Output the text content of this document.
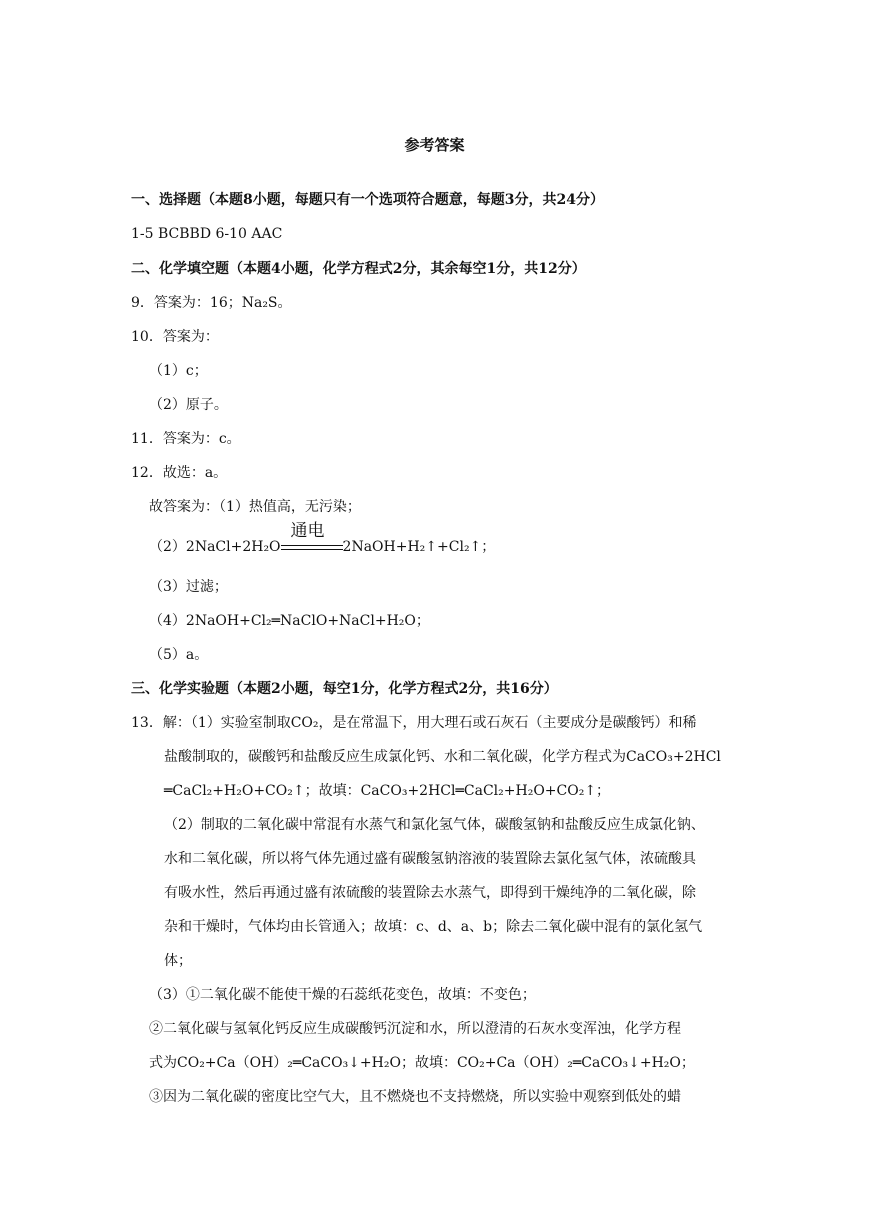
参考答案
一、选择题（本题8小题，每题只有一个选项符合题意，每题3分，共24分）
1-5 BCBBD 6-10 AAC
二、化学填空题（本题4小题，化学方程式2分，其余每空1分，共12分）
9．答案为：16；Na₂S。
10．答案为：
（1）c；
（2）原子。
11．答案为：c。
12．故选：a。
故答案为：（1）热值高，无污染；
（2）2NaCl+2H₂O
通电
2NaOH+H₂↑+Cl₂↑；
（3）过滤；
（4）2NaOH+Cl₂═NaClO+NaCl+H₂O；
（5）a。
三、化学实验题（本题2小题，每空1分，化学方程式2分，共16分）
13．解：（1）实验室制取CO₂，是在常温下，用大理石或石灰石（主要成分是碳酸钙）和稀
盐酸制取的，碳酸钙和盐酸反应生成氯化钙、水和二氧化碳，化学方程式为CaCO₃+2HCl
═CaCl₂+H₂O+CO₂↑；故填：CaCO₃+2HCl═CaCl₂+H₂O+CO₂↑；
（2）制取的二氧化碳中常混有水蒸气和氯化氢气体，碳酸氢钠和盐酸反应生成氯化钠、
水和二氧化碳，所以将气体先通过盛有碳酸氢钠溶液的装置除去氯化氢气体，浓硫酸具
有吸水性，然后再通过盛有浓硫酸的装置除去水蒸气，即得到干燥纯净的二氧化碳，除
杂和干燥时，气体均由长管通入；故填：c、d、a、b；除去二氧化碳中混有的氯化氢气
体；
（3）①二氧化碳不能使干燥的石蕊纸花变色，故填：不变色；
②二氧化碳与氢氧化钙反应生成碳酸钙沉淀和水，所以澄清的石灰水变浑浊，化学方程
式为CO₂+Ca（OH）₂═CaCO₃↓+H₂O；故填：CO₂+Ca（OH）₂═CaCO₃↓+H₂O；
③因为二氧化碳的密度比空气大，且不燃烧也不支持燃烧，所以实验中观察到低处的蜡
